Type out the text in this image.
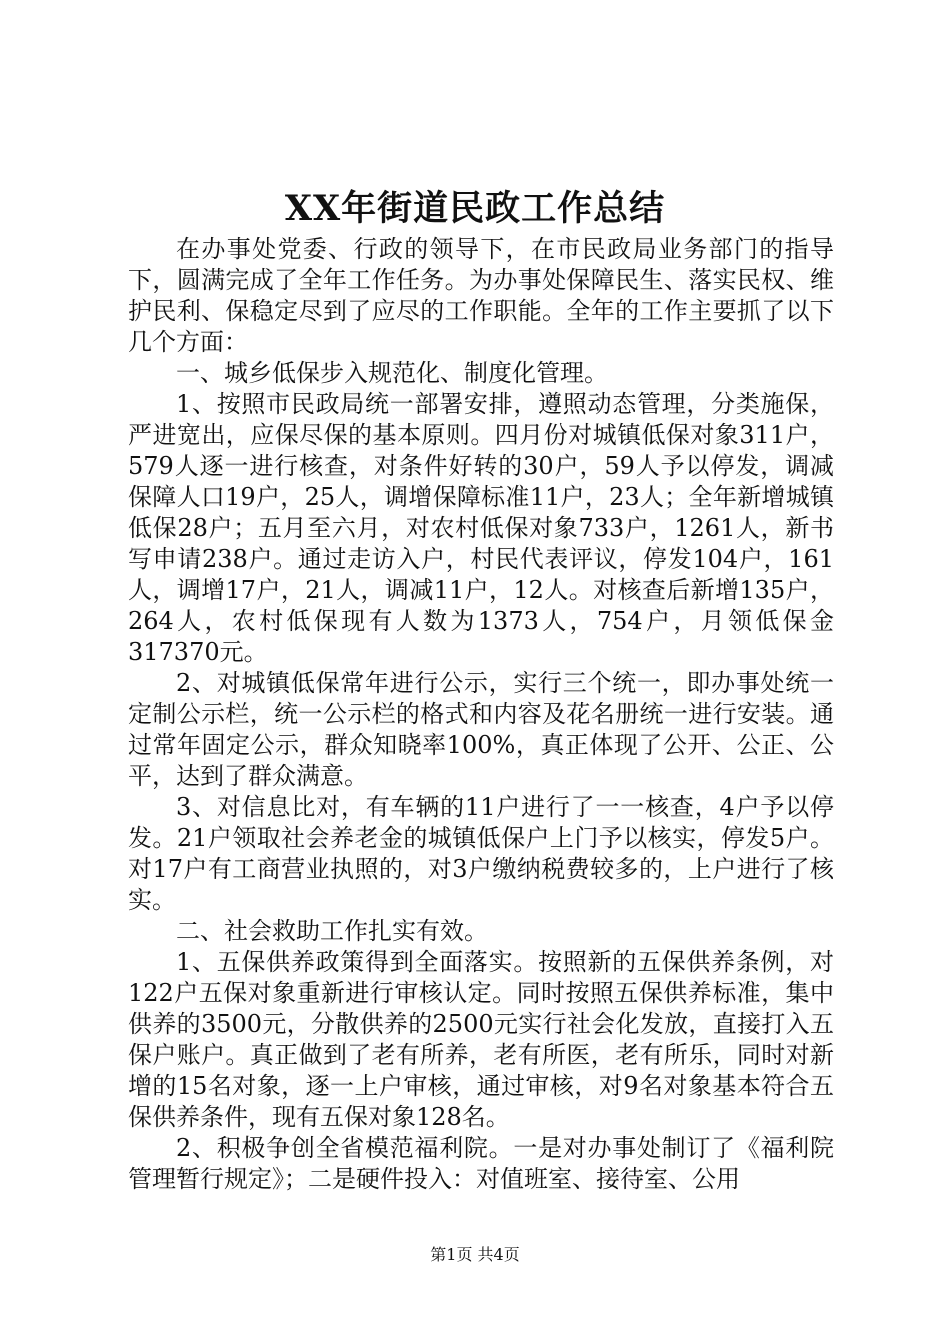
XX年街道民政工作总结

在办事处党委、行政的领导下，在市民政局业务部门的指导下，圆满完成了全年工作任务。为办事处保障民生、落实民权、维护民利、保稳定尽到了应尽的工作职能。全年的工作主要抓了以下几个方面：

一、城乡低保步入规范化、制度化管理。

1、按照市民政局统一部署安排，遵照动态管理，分类施保，严进宽出，应保尽保的基本原则。四月份对城镇低保对象311户，579人逐一进行核查，对条件好转的30户，59人予以停发，调减保障人口19户，25人，调增保障标准11户，23人；全年新增城镇低保28户；五月至六月，对农村低保对象733户，1261人，新书写申请238户。通过走访入户，村民代表评议，停发104户，161人，调增17户，21人，调减11户，12人。对核查后新增135户，264人，农村低保现有人数为1373人，754户，月领低保金317370元。

2、对城镇低保常年进行公示，实行三个统一，即办事处统一定制公示栏，统一公示栏的格式和内容及花名册统一进行安装。通过常年固定公示，群众知晓率100%，真正体现了公开、公正、公平，达到了群众满意。

3、对信息比对，有车辆的11户进行了一一核查，4户予以停发。21户领取社会养老金的城镇低保户上门予以核实，停发5户。对17户有工商营业执照的，对3户缴纳税费较多的，上户进行了核实。

二、社会救助工作扎实有效。

1、五保供养政策得到全面落实。按照新的五保供养条例，对122户五保对象重新进行审核认定。同时按照五保供养标准，集中供养的3500元，分散供养的2500元实行社会化发放，直接打入五保户账户。真正做到了老有所养，老有所医，老有所乐，同时对新增的15名对象，逐一上户审核，通过审核，对9名对象基本符合五保供养条件，现有五保对象128名。

2、积极争创全省模范福利院。一是对办事处制订了《福利院管理暂行规定》；二是硬件投入：对值班室、接待室、公用

第1页 共4页
